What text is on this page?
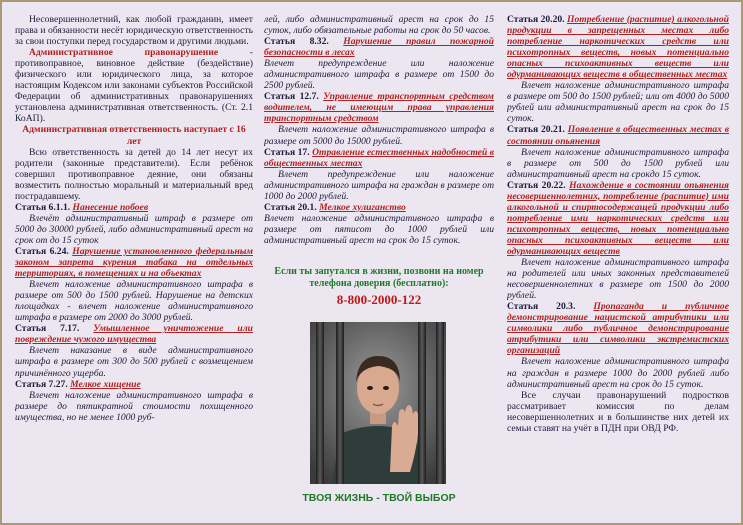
Несовершеннолетний, как любой гражданин, имеет права и обязанности несёт юридическую ответственность за свои поступки перед государством и другими людьми.

Административное правонарушение - противоправное, виновное действие (бездействие) физического или юридического лица, за которое настоящим Кодексом или законами субъектов Российской Федерации об административных правонарушениях установлена административная ответственность. (Ст. 2.1 КоАП).

Административная ответственность наступает с 16 лет

Всю ответственность за детей до 14 лет несут их родители (законные представители). Если ребёнок совершил противоправное деяние, они обязаны возместить полностью моральный и материальный вред пострадавшему.

Статья 6.1.1. Нанесение побоев

Влечёт административный штраф в размере от 5000 до 30000 рублей, либо административный арест на срок от до 15 суток

Статья 6.24. Нарушение установленного федеральным законом запрета курения табака на отдельных территориях, в помещениях и на объектах

Влечет наложение административного штрафа в размере от 500 до 1500 рублей. Нарушение на детских площадках - влечет наложение административного штрафа в размере от 2000 до 3000 рублей.

Статья 7.17. Умышленное уничтожение или повреждение чужого имущества

Влечет наказание в виде административного штрафа в размере от 300 до 500 рублей с возмещением причинённого ущерба.

Статья 7.27. Мелкое хищение

Влечет наложение административного штрафа в размере до пятикратной стоимости похищенного имущества, но не менее 1000 руб-

лей, либо административный арест на срок до 15 суток, либо обязательные работы на срок до 50 часов.

Статья 8.32. Нарушение правил пожарной безопасности в лесах

Влечет предупреждение или наложение административного штрафа в размере от 1500 до 2500 рублей.

Статья 12.7. Управление транспортным средством водителем, не имеющим права управления транспортным средством

Влечет наложение административного штрафа в размере от 5000 до 15000 рублей.

Статья 17. Отравление естественных надобностей в общественных местах

Влечет предупреждение или наложение административного штрафа на граждан в размере от 1000 до 2000 рублей.

Статья 20.1. Мелкое хулиганство

Влечет наложение административного штрафа в размере от пятисот до 1000 рублей или административный арест на срок до 15 суток.

Если ты запутался в жизни, позвони на номер телефона доверия (бесплатно):
8-800-2000-122
ТВОЯ ЖИЗНЬ - ТВОЙ ВЫБОР

Статья 20.20. Потребление (распитие) алкогольной продукции в запрещенных местах либо потребление наркотических средств или психотропных веществ, новых потенциально опасных психоактивных веществ или одурманивающих веществ в общественных местах

Влечет наложение административного штрафа в размере от 500 до 1500 рублей; или от 4000 до 5000 рублей или административный арест на срок до 15 суток.

Статья 20.21. Появление в общественных местах в состоянии опьянения

Влечет наложение административного штрафа в размере от 500 до 1500 рублей или административный арест на срокдо 15 суток.

Статья 20.22. Нахождение в состоянии опьянения несовершеннолетних, потребление (распитие) ими алкогольной и спиртосодержащей продукции либо потребление ими наркотических средств или психотропных веществ, новых потенциально опасных психоактивных веществ или одурманивающих веществ

Влечет наложение административного штрафа на родителей или иных законных представителей несовершеннолетних в размере от 1500 до 2000 рублей.

Статья 20.3. Пропаганда и публичное демонстрирование нацистской атрибутики или символики либо публичное демонстрирование атрибутики или символики экстремистских организаций

Влечет наложение административного штрафа на граждан в размере 1000 до 2000 рублей либо административный арест на срок до 15 суток.

Все случаи правонарушений подростков рассматривает комиссия по делам несовершеннолетних и в большинстве них детей их семьи ставят на учёт в ПДН при ОВД РФ.
